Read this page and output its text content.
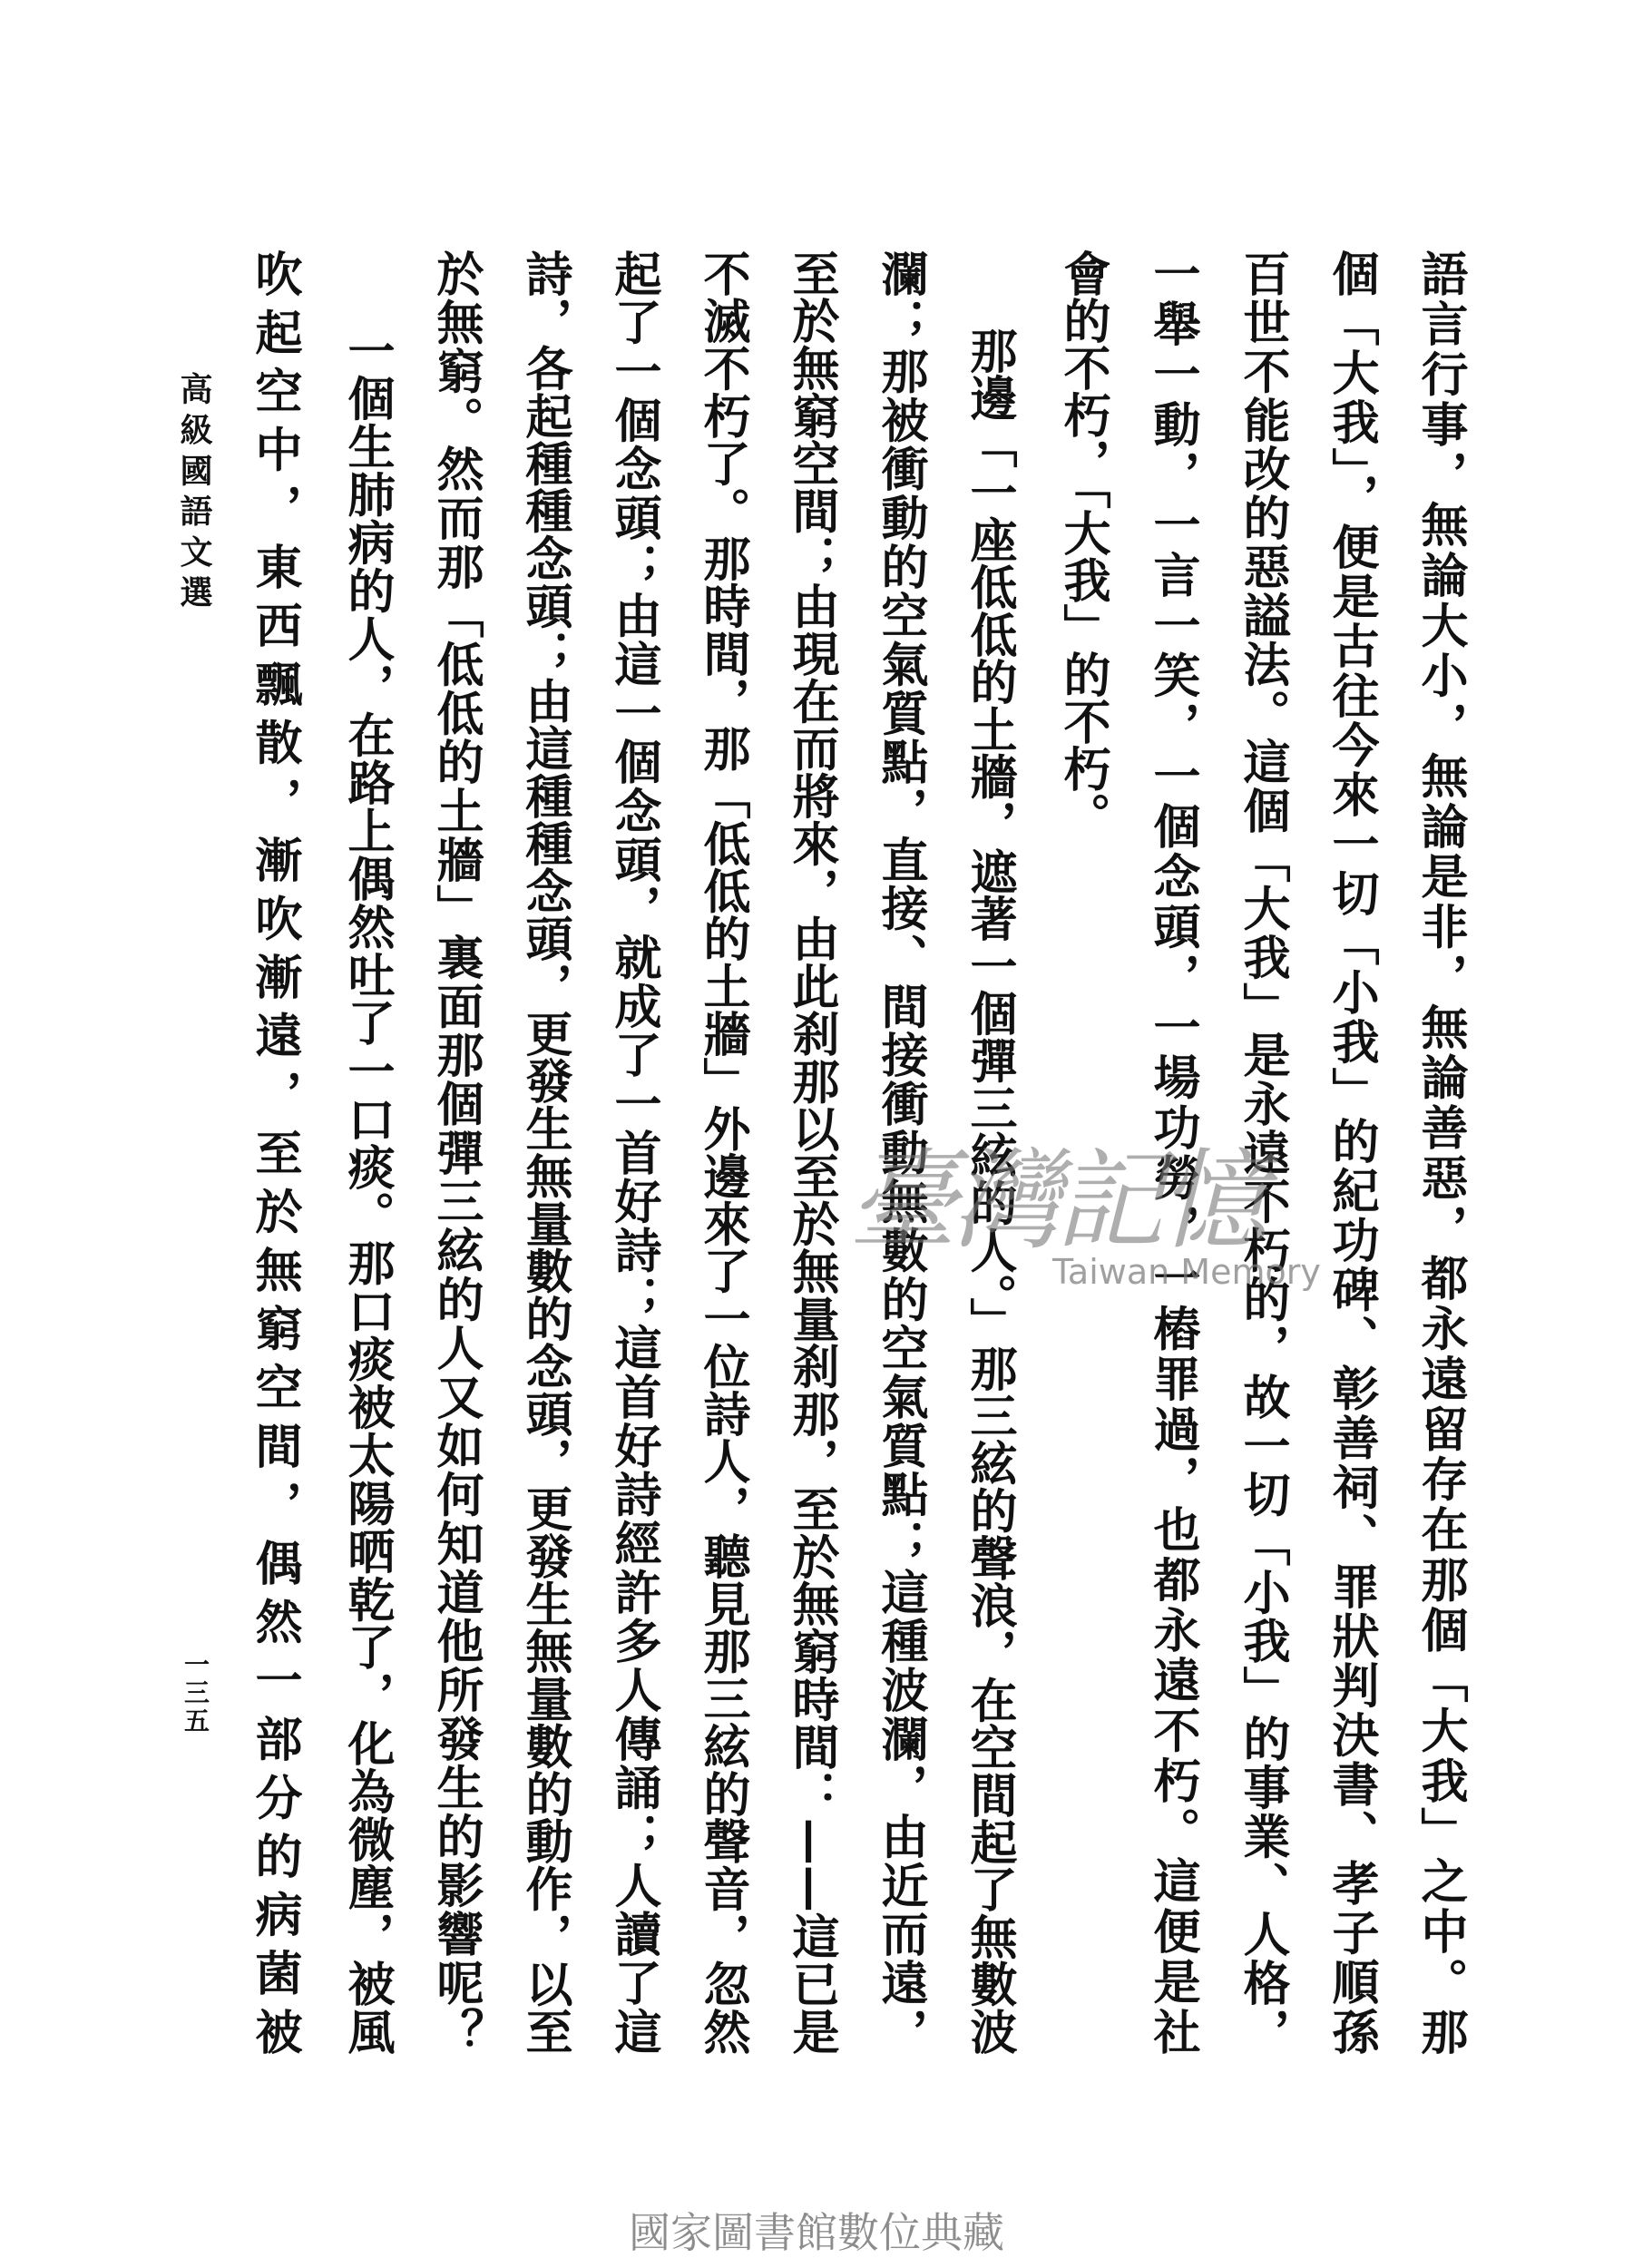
高級國語文選
一三五	語言行事，無論大小，無論是非，無論善惡，都永遠留存在那個「大我」之中。那
個「大我」，便是古往今來一切「小我」的紀功碑、彰善祠、罪狀判決書、孝子順孫
百世不能改的惡謚法。這個「大我」是永遠不朽的，故一切「小我」的事業、人格，
一舉一動，一言一笑，一個念頭，一場功勞，一樁罪過，也都永遠不朽。這便是社
會的不朽，「大我」的不朽。
那邊「一座低低的土牆，遮著一個彈三絃的人。」那三絃的聲浪，在空間起了無數波
瀾；那被衝動的空氣質點，直接、間接衝動無數的空氣質點；這種波瀾，由近而遠，
至於無窮空間；由現在而將來，由此刹那以至於無量刹那，至於無窮時間：——這已是
不滅不朽了。那時間，那「低低的土牆」外邊來了一位詩人，聽見那三絃的聲音，忽然
起了一個念頭；由這一個念頭，就成了一首好詩；這首好詩經許多人傳誦；人讀了這
詩，各起種種念頭；由這種種念頭，更發生無量數的念頭，更發生無量數的動作，以至
於無窮。然而那「低低的土牆」裏面那個彈三絃的人又如何知道他所發生的影響呢？
一個生肺病的人，在路上偶然吐了一口痰。那口痰被太陽晒乾了，化為微塵，被風
吹起空中，東西飄散，漸吹漸遠，至於無窮空間，偶然一部分的病菌被	臺灣記憶
Taiwan Memory
國家圖書館數位典藏
